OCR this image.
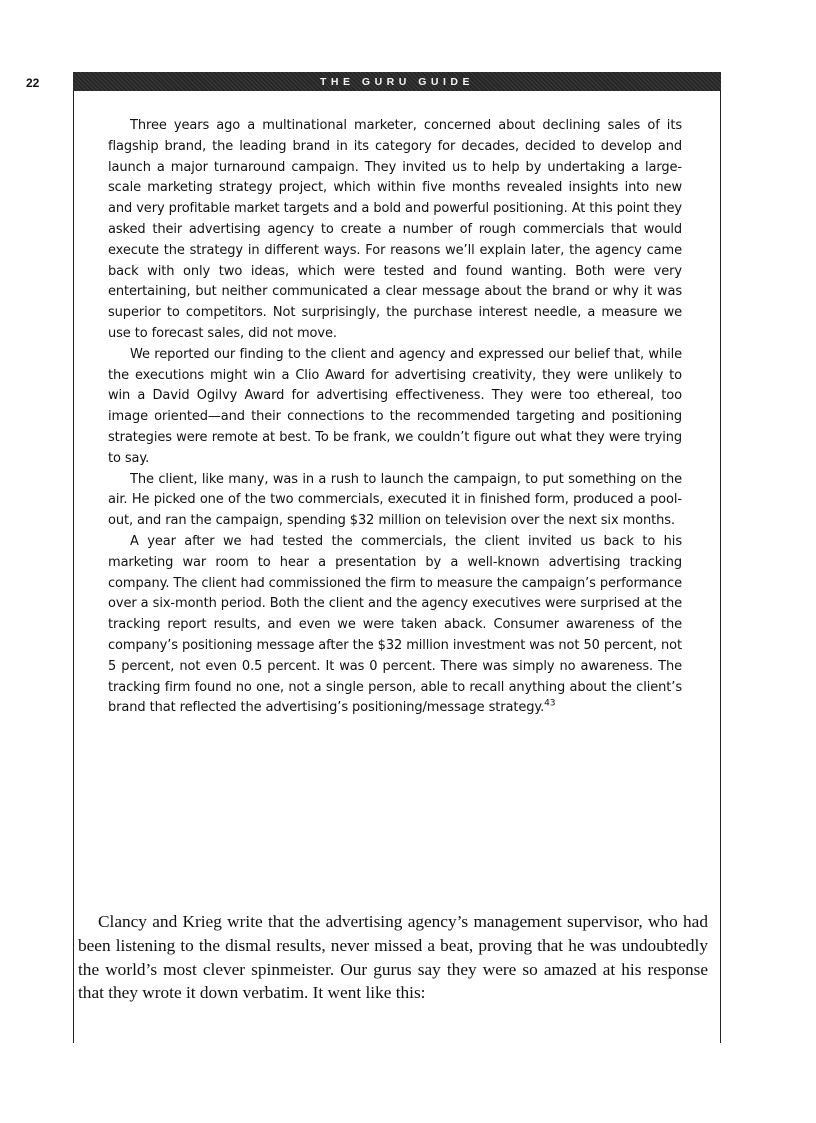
22	THE GURU GUIDE

Three years ago a multinational marketer, concerned about declining sales of its flagship brand, the leading brand in its category for decades, decided to develop and launch a major turnaround campaign. They invited us to help by undertaking a large-scale marketing strategy project, which within five months revealed insights into new and very profitable market targets and a bold and powerful positioning. At this point they asked their advertising agency to create a number of rough commercials that would execute the strategy in different ways. For reasons we’ll explain later, the agency came back with only two ideas, which were tested and found wanting. Both were very entertaining, but neither communicated a clear message about the brand or why it was superior to competitors. Not surprisingly, the purchase interest needle, a measure we use to forecast sales, did not move.

We reported our finding to the client and agency and expressed our belief that, while the executions might win a Clio Award for advertising creativity, they were unlikely to win a David Ogilvy Award for advertising effectiveness. They were too ethereal, too image oriented—and their connections to the recommended targeting and positioning strategies were remote at best. To be frank, we couldn’t figure out what they were trying to say.

The client, like many, was in a rush to launch the campaign, to put something on the air. He picked one of the two commercials, executed it in finished form, produced a pool-out, and ran the campaign, spending $32 million on television over the next six months.

A year after we had tested the commercials, the client invited us back to his marketing war room to hear a presentation by a well-known advertising tracking company. The client had commissioned the firm to measure the campaign’s performance over a six-month period. Both the client and the agency executives were surprised at the tracking report results, and even we were taken aback. Consumer awareness of the company’s positioning message after the $32 million investment was not 50 percent, not 5 percent, not even 0.5 percent. It was 0 percent. There was simply no awareness. The tracking firm found no one, not a single person, able to recall anything about the client’s brand that reflected the advertising’s positioning/message strategy.$^{43}$

Clancy and Krieg write that the advertising agency’s management supervisor, who had been listening to the dismal results, never missed a beat, proving that he was undoubtedly the world’s most clever spinmeister. Our gurus say they were so amazed at his response that they wrote it down verbatim. It went like this:
